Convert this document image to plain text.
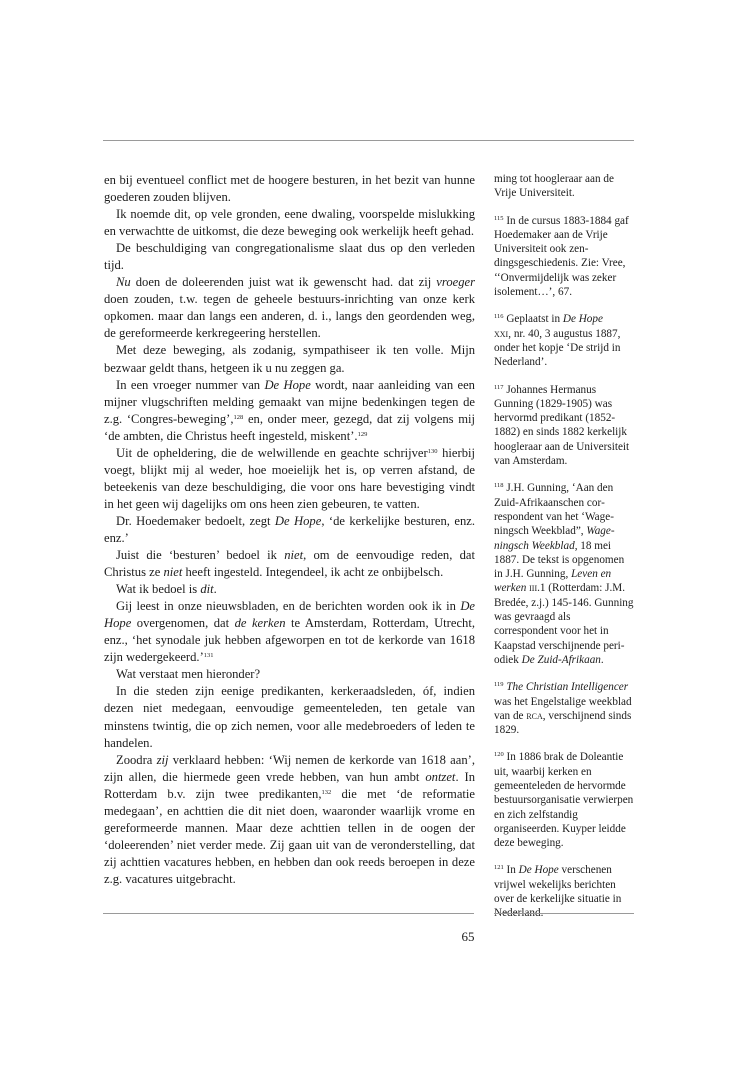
en bij eventueel conflict met de hoogere besturen, in het bezit van hunne goederen zouden blijven.

Ik noemde dit, op vele gronden, eene dwaling, voorspelde mislukking en verwachtte de uitkomst, die deze beweging ook werkelijk heeft gehad.

De beschuldiging van congregationalisme slaat dus op den verleden tijd.

Nu doen de doleerenden juist wat ik gewenscht had. dat zij vroeger doen zouden, t.w. tegen de geheele bestuurs-inrichting van onze kerk opkomen. maar dan langs een anderen, d. i., langs den geordenden weg, de gereformeerde kerkregeering herstellen.

Met deze beweging, als zodanig, sympathiseer ik ten volle. Mijn bezwaar geldt thans, hetgeen ik u nu zeggen ga.

In een vroeger nummer van De Hope wordt, naar aanleiding van een mijner vlugschriften melding gemaakt van mijne bedenkingen tegen de z.g. ‘Congres-beweging’,$^{128}$ en, onder meer, gezegd, dat zij volgens mij ‘de ambten, die Christus heeft ingesteld, miskent’.$^{129}$

Uit de opheldering, die de welwillende en geachte schrijver$^{130}$ hierbij voegt, blijkt mij al weder, hoe moeielijk het is, op verren afstand, de beteekenis van deze beschuldiging, die voor ons hare bevestiging vindt in het geen wij dagelijks om ons heen zien gebeuren, te vatten.

Dr. Hoedemaker bedoelt, zegt De Hope, ‘de kerkelijke besturen, enz. enz.’

Juist die ‘besturen’ bedoel ik niet, om de eenvoudige reden, dat Christus ze niet heeft ingesteld. Integendeel, ik acht ze onbijbelsch.

Wat ik bedoel is dit.

Gij leest in onze nieuwsbladen, en de berichten worden ook ik in De Hope overgenomen, dat de kerken te Amsterdam, Rotterdam, Utrecht, enz., ‘het synodale juk hebben afgeworpen en tot de kerkorde van 1618 zijn wedergekeerd.’$^{131}$

Wat verstaat men hieronder?

In die steden zijn eenige predikanten, kerkeraadsleden, óf, indien dezen niet medegaan, eenvoudige gemeenteleden, ten getale van minstens twintig, die op zich nemen, voor alle medebroeders of leden te handelen.

Zoodra zij verklaard hebben: ‘Wij nemen de kerkorde van 1618 aan’, zijn allen, die hiermede geen vrede hebben, van hun ambt ontzet. In Rotterdam b.v. zijn twee predikanten,$^{132}$ die met ‘de reformatie medegaan’, en achttien die dit niet doen, waaronder waarlijk vrome en gereformeerde mannen. Maar deze achttien tellen in de oogen der ‘doleerenden’ niet verder mede. Zij gaan uit van de veronderstelling, dat zij achttien vacatures hebben, en hebben dan ook reeds beroepen in deze z.g. vacatures uitgebracht.

ming tot hoogleraar aan de Vrije Universiteit.

$^{115}$ In de cursus 1883-1884 gaf Hoedemaker aan de Vrije Universiteit ook zendingsgeschiedenis. Zie: Vree, ‘‘Onvermijdelijk was zeker isolement…’, 67.

$^{116}$ Geplaatst in De Hope
xxi, nr. 40, 3 augustus 1887, onder het kopje ‘De strijd in Nederland’.

$^{117}$ Johannes Hermanus Gunning (1829-1905) was hervormd predikant (1852-1882) en sinds 1882 kerkelijk hoogleraar aan de Universiteit van Amsterdam.

$^{118}$ J.H. Gunning, ‘Aan den Zuid-Afrikaanschen correspondent van het ‘Wageningsch Weekblad”, Wageningsch Weekblad, 18 mei 1887. De tekst is opgenomen in J.H. Gunning, Leven en werken iii.1 (Rotterdam: J.M. Bredée, z.j.) 145-146. Gunning was gevraagd als correspondent voor het in Kaapstad verschijnende periodiek De Zuid-Afrikaan.

$^{119}$ The Christian Intelligencer was het Engelstalige weekblad van de rca, verschijnend sinds 1829.

$^{120}$ In 1886 brak de Doleantie uit, waarbij kerken en gemeenteleden de hervormde bestuursorganisatie verwierpen en zich zelfstandig organiseerden. Kuyper leidde deze beweging.

$^{121}$ In De Hope verschenen vrijwel wekelijks berichten over de kerkelijke situatie in Nederland.

65
